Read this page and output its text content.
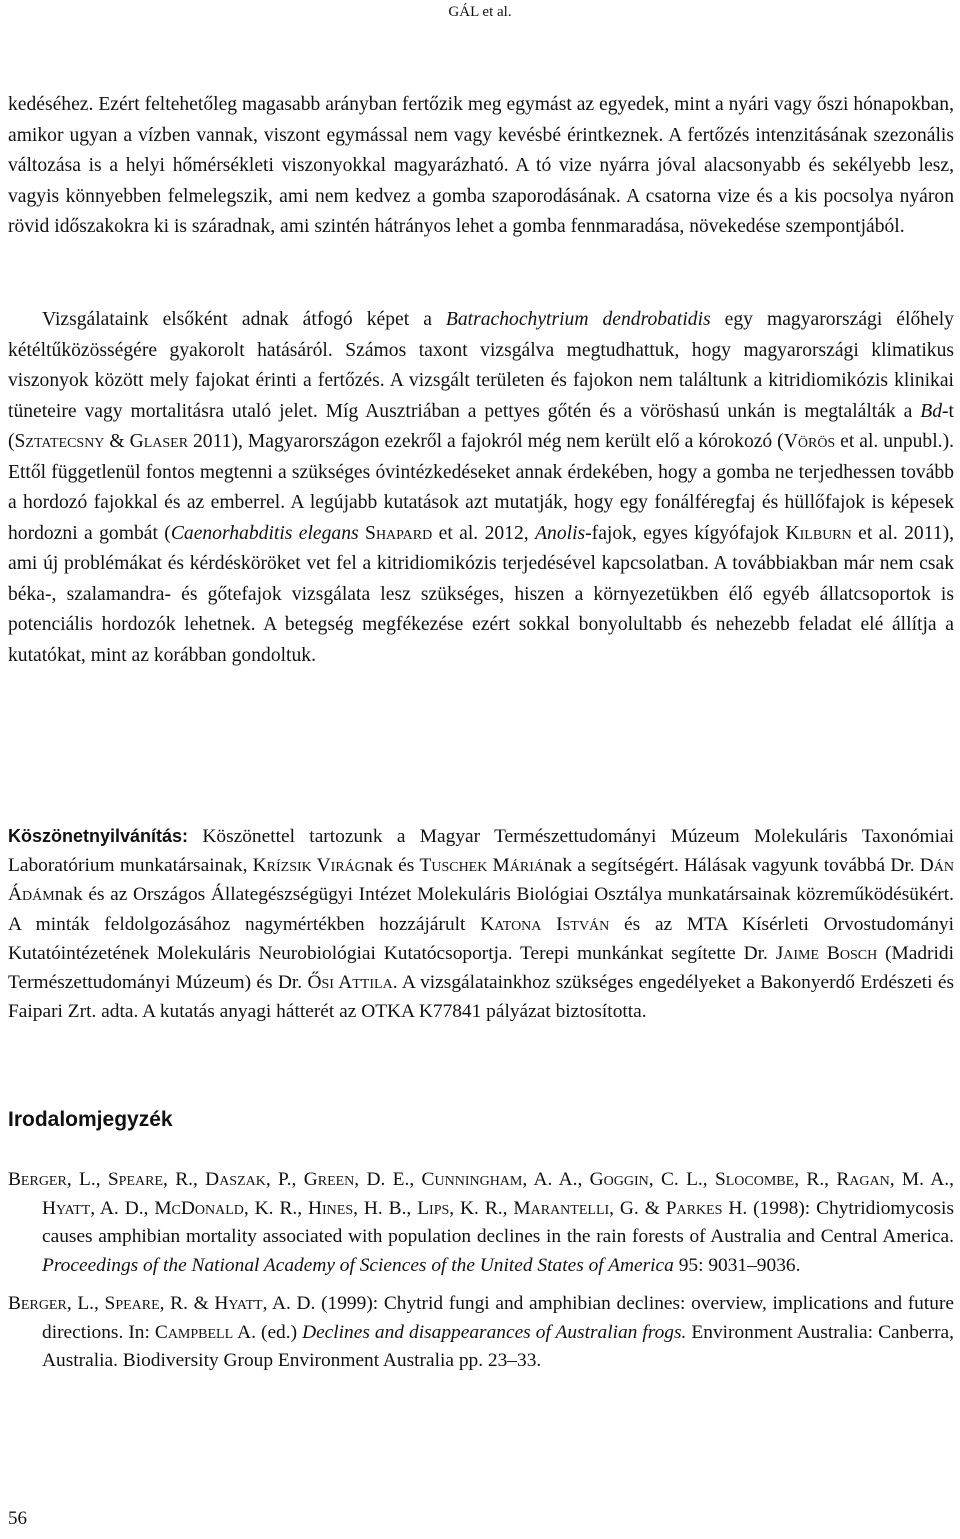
GÁL et al.

kedéséhez. Ezért feltehetőleg magasabb arányban fertőzik meg egymást az egyedek, mint a nyári vagy őszi hónapokban, amikor ugyan a vízben vannak, viszont egymással nem vagy kevésbé érintkeznek. A fertőzés intenzitásának szezonális változása is a helyi hőmérsékleti viszonyokkal magyarázható. A tó vize nyárra jóval alacsonyabb és sekélyebb lesz, vagyis könnyebben felmelegszik, ami nem kedvez a gomba szaporodásának. A csatorna vize és a kis pocsolya nyáron rövid időszakokra ki is száradnak, ami szintén hátrányos lehet a gomba fennmaradása, növekedése szempontjából.

Vizsgálataink elsőként adnak átfogó képet a Batrachochytrium dendrobatidis egy magyarországi élőhely kétéltűközösségére gyakorolt hatásáról. Számos taxont vizsgálva megtudhattuk, hogy magyarországi klimatikus viszonyok között mely fajokat érinti a fertőzés. A vizsgált területen és fajokon nem találtunk a kitridiomikózis klinikai tüneteire vagy mortalitásra utaló jelet. Míg Ausztriában a pettyes gőtén és a vöröshasú unkán is megtalálták a Bd-t (Sztatecsny & Glaser 2011), Magyarországon ezekről a fajokról még nem került elő a kórokozó (Vörös et al. unpubl.). Ettől függetlenül fontos megtenni a szükséges óvintézkedéseket annak érdekében, hogy a gomba ne terjedhessen tovább a hordozó fajokkal és az emberrel. A legújabb kutatások azt mutatják, hogy egy fonálféregfaj és hüllőfajok is képesek hordozni a gombát (Caenorhabditis elegans Shapard et al. 2012, Anolis-fajok, egyes kígyófajok Kilburn et al. 2011), ami új problémákat és kérdésköröket vet fel a kitridiomikózis terjedésével kapcsolatban. A továbbiakban már nem csak béka-, szalamandra- és gőtefajok vizsgálata lesz szükséges, hiszen a környezetükben élő egyéb állatcsoportok is potenciális hordozók lehetnek. A betegség megfékezése ezért sokkal bonyolultabb és nehezebb feladat elé állítja a kutatókat, mint az korábban gondoltuk.

Köszönetnyilvánítás: Köszönettel tartozunk a Magyar Természettudományi Múzeum Molekuláris Taxonómiai Laboratórium munkatársainak, Krízsik Virágnak és Tuschek Máriának a segítségért. Hálásak vagyunk továbbá Dr. Dán Ádámnak és az Országos Állategészségügyi Intézet Molekuláris Biológiai Osztálya munkatársainak közreműködésükért. A minták feldolgozásához nagymértékben hozzájárult Katona István és az MTA Kísérleti Orvostudományi Kutatóintézetének Molekuláris Neurobiológiai Kutatócsoportja. Terepi munkánkat segítette Dr. Jaime Bosch (Madridi Természettudományi Múzeum) és Dr. Ősi Attila. A vizsgálatainkhoz szükséges engedélyeket a Bakonyerdő Erdészeti és Faipari Zrt. adta. A kutatás anyagi hátterét az OTKA K77841 pályázat biztosította.

Irodalomjegyzék

Berger, L., Speare, R., Daszak, P., Green, D. E., Cunningham, A. A., Goggin, C. L., Slocombe, R., Ragan, M. A., Hyatt, A. D., McDonald, K. R., Hines, H. B., Lips, K. R., Marantelli, G. & Parkes H. (1998): Chytridiomycosis causes amphibian mortality associated with population declines in the rain forests of Australia and Central America. Proceedings of the National Academy of Sciences of the United States of America 95: 9031–9036.

Berger, L., Speare, R. & Hyatt, A. D. (1999): Chytrid fungi and amphibian declines: overview, implications and future directions. In: Campbell A. (ed.) Declines and disappearances of Australian frogs. Environment Australia: Canberra, Australia. Biodiversity Group Environment Australia pp. 23–33.

56
